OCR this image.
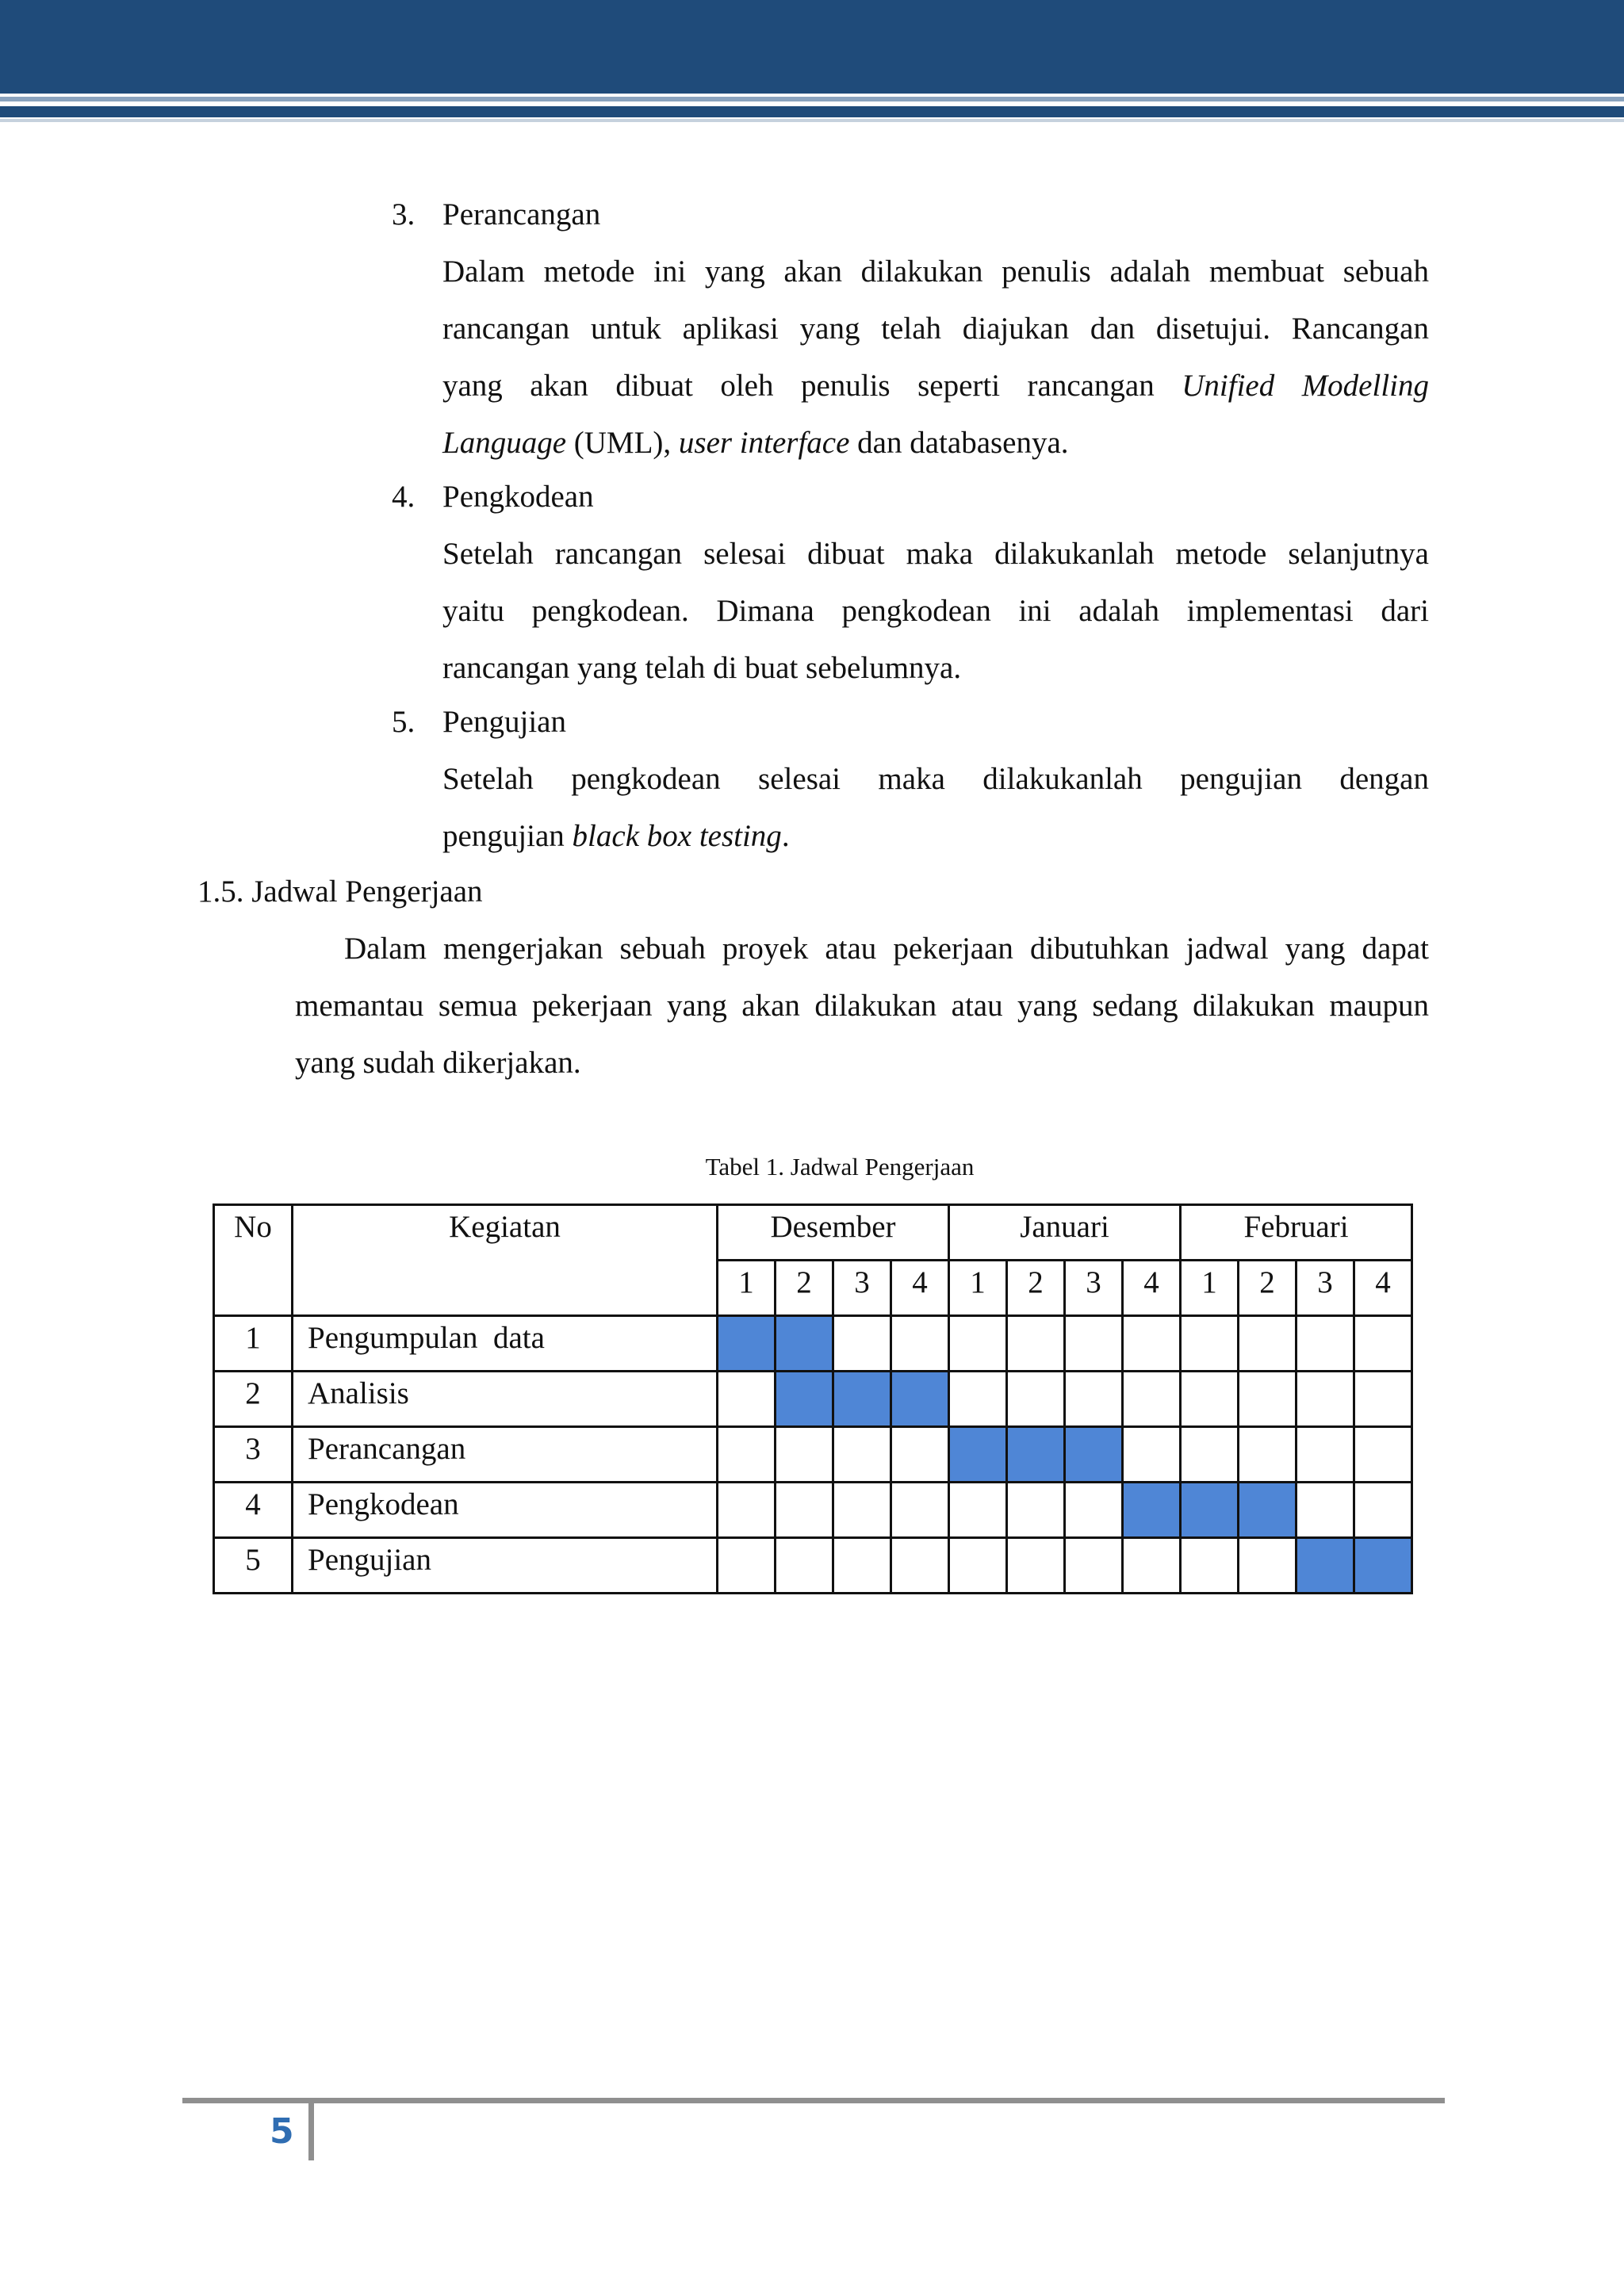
3. Perancangan
Dalam metode ini yang akan dilakukan penulis adalah membuat sebuah
rancangan untuk aplikasi yang telah diajukan dan disetujui. Rancangan
yang akan dibuat oleh penulis seperti rancangan Unified Modelling
Language (UML), user interface dan databasenya.
4. Pengkodean
Setelah rancangan selesai dibuat maka dilakukanlah metode selanjutnya
yaitu pengkodean. Dimana pengkodean ini adalah implementasi dari
rancangan yang telah di buat sebelumnya.
5. Pengujian
Setelah pengkodean selesai maka dilakukanlah pengujian dengan
pengujian black box testing.
1.5. Jadwal Pengerjaan
Dalam mengerjakan sebuah proyek atau pekerjaan dibutuhkan jadwal yang dapat
memantau semua pekerjaan yang akan dilakukan atau yang sedang dilakukan maupun
yang sudah dikerjakan.
Tabel 1. Jadwal Pengerjaan
No	Kegiatan	Desember				Januari				Februari			
		1	2	3	4	1	2	3	4	1	2	3	4
1	Pengumpulan  data												
2	Analisis												
3	Perancangan												
4	Pengkodean												
5	Pengujian												
5
